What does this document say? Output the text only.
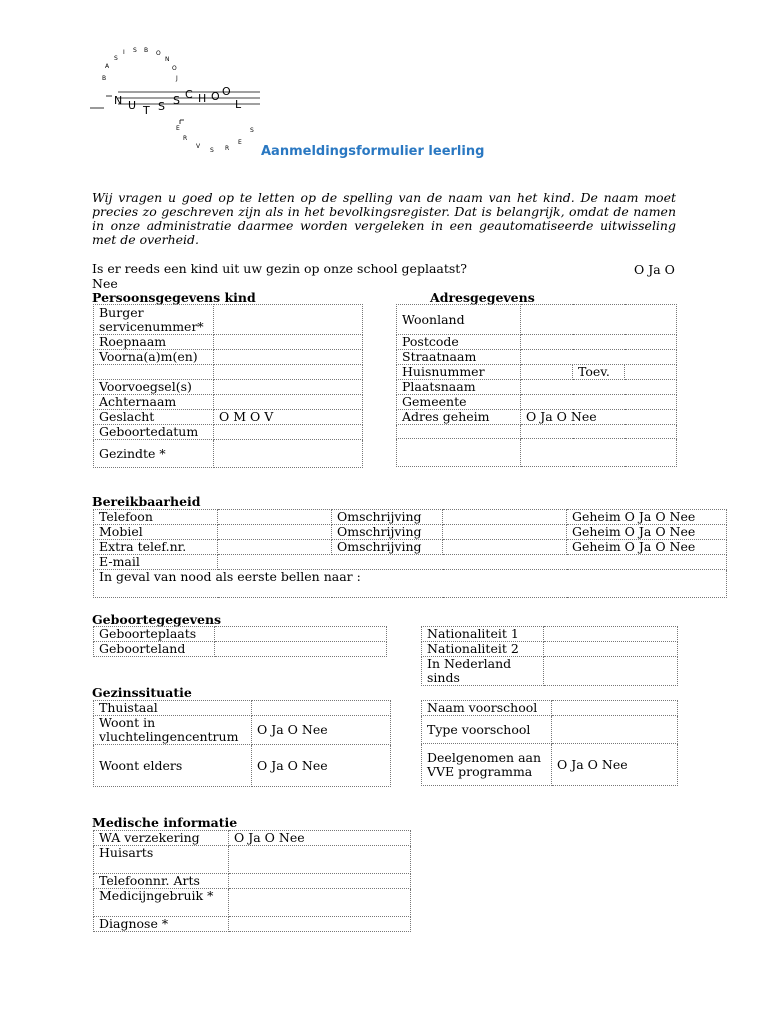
B
A
S
I S B O
N
O
J
E
R
V
S R
E
S
N U T S S C H O O
L
Aanmeldingsformulier leerling
Wij vragen u goed op te letten op de spelling van de naam van het kind. De naam moet precies zo geschreven zijn als in het bevolkingsregister. Dat is belangrijk, omdat de namen in onze administratie daarmee worden vergeleken in een geautomatiseerde uitwisseling met de overheid.
Is er reeds een kind uit uw gezin op onze school geplaatst?	O Ja O
Nee
Persoonsgegevens kind
Burger servicenummer*	
Roepnaam	
Voorna(a)m(en)	

Voorvoegsel(s)	
Achternaam	
Geslacht	O M O V
Geboortedatum	
Gezindte *	
Adresgegevens
Woonland			
Postcode			
Straatnaam			
Huisnummer		Toev.	
Plaatsnaam			
Gemeente			
Adres geheim	O Ja O Nee		

Bereikbaarheid
Telefoon		Omschrijving		Geheim O Ja O Nee
Mobiel		Omschrijving		Geheim O Ja O Nee
Extra telef.nr.		Omschrijving		Geheim O Ja O Nee
E-mail				
In geval van nood als eerste bellen naar :				
Geboortegegevens
Geboorteplaats	
Geboorteland	
Nationaliteit 1	
Nationaliteit 2	
In Nederland sinds	
Gezinssituatie
Thuistaal	
Woont in vluchtelingencentrum	O Ja O Nee
Woont elders	O Ja O Nee
Naam voorschool	
Type voorschool	
Deelgenomen aan VVE programma	O Ja O Nee
Medische informatie
WA verzekering	O Ja O Nee
Huisarts	
Telefoonnr. Arts	
Medicijngebruik *	
Diagnose *	
